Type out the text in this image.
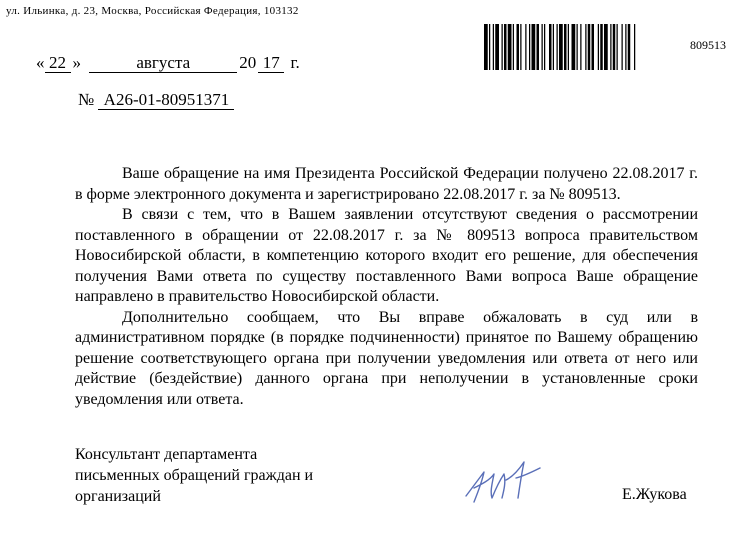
ул. Ильинка, д. 23, Москва, Российская Федерация, 103132
809513
« 22 »	августа	20 17 г.
№ А26-01-80951371

Ваше обращение на имя Президента Российской Федерации получено 22.08.2017 г. в форме электронного документа и зарегистрировано 22.08.2017 г. за № 809513.

В связи с тем, что в Вашем заявлении отсутствуют сведения о рассмотрении поставленного в обращении от 22.08.2017 г. за № 809513 вопроса правительством Новосибирской области, в компетенцию которого входит его решение, для обеспечения получения Вами ответа по существу поставленного Вами вопроса Ваше обращение направлено в правительство Новосибирской области.

Дополнительно сообщаем, что Вы вправе обжаловать в суд или в административном порядке (в порядке подчиненности) принятое по Вашему обращению решение соответствующего органа при получении уведомления или ответа от него или действие (бездействие) данного органа при неполучении в установленные сроки уведомления или ответа.

Консультант департамента
письменных обращений граждан и
организаций	Е.Жукова
